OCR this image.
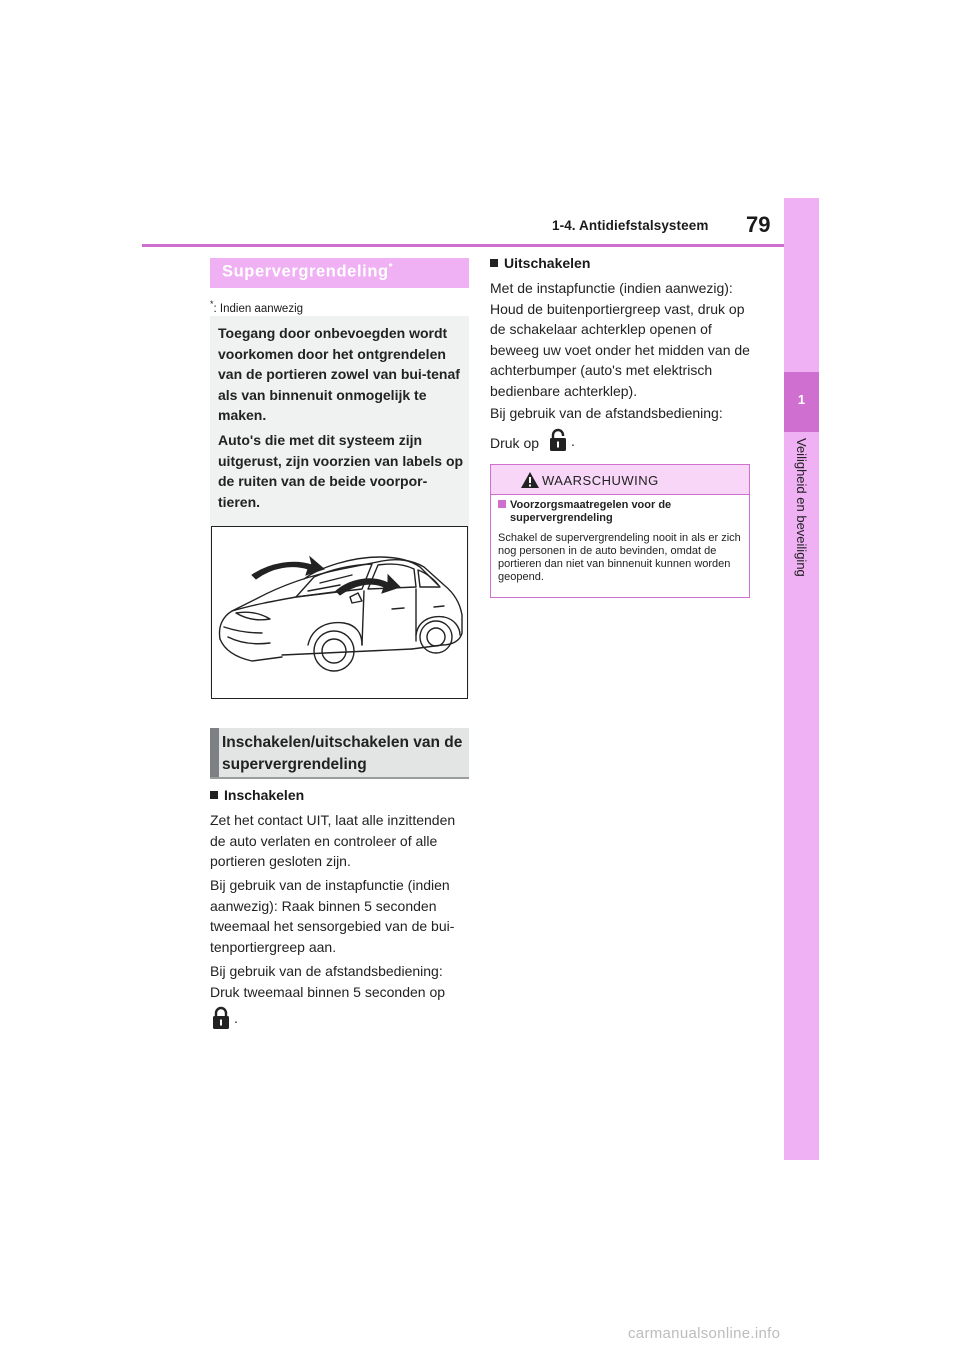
1-4. Antidiefstalsysteem 79
1
Veiligheid en beveiliging
Supervergrendeling*
*: Indien aanwezig
Toegang door onbevoegden wordt voorkomen door het ontgrendelen van de portieren zowel van bui-tenaf als van binnenuit onmogelijk te maken.
Auto's die met dit systeem zijn uitgerust, zijn voorzien van labels op de ruiten van de beide voorpor-tieren.
Inschakelen/uitschakelen van de supervergrendeling
Inschakelen
Zet het contact UIT, laat alle inzittenden de auto verlaten en controleer of alle portieren gesloten zijn.
Bij gebruik van de instapfunctie (indien aanwezig): Raak binnen 5 seconden tweemaal het sensorgebied van de bui-tenportiergreep aan.
Bij gebruik van de afstandsbediening: Druk tweemaal binnen 5 seconden op
.
Uitschakelen
Met de instapfunctie (indien aanwezig): Houd de buitenportiergreep vast, druk op de schakelaar achterklep openen of beweeg uw voet onder het midden van de achterbumper (auto's met elektrisch bedienbare achterklep).
Bij gebruik van de afstandsbediening:
Druk op .
WAARSCHUWING
Voorzorgsmaatregelen voor de supervergrendeling
Schakel de supervergrendeling nooit in als er zich nog personen in de auto bevinden, omdat de portieren dan niet van binnenuit kunnen worden geopend.
carmanualsonline.info
